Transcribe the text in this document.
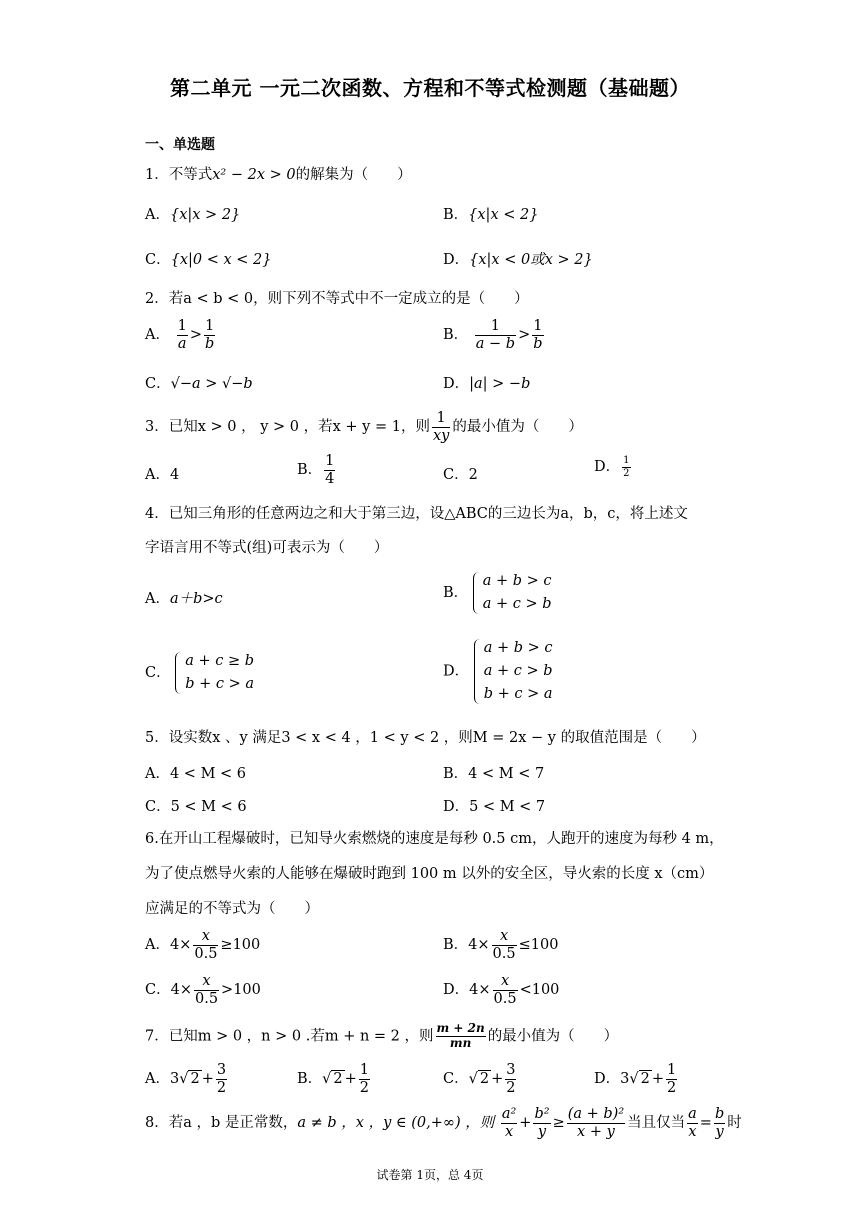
第二单元 一元二次函数、方程和不等式检测题（基础题）
一、单选题
1．不等式x² − 2x > 0的解集为（　　）
A．{x|x > 2}	B．{x|x < 2}
C．{x|0 < x < 2}	D．{x|x < 0或x > 2}
2．若a < b < 0，则下列不等式中不一定成立的是（　　）
A． $\frac{1}{a} > \frac{1}{b}$	B． $\frac{1}{a - b} > \frac{1}{b}$
C．√−a > √−b	D．|a| > −b
3．已知x > 0 ， y > 0 ，若x + y = 1，则 $\frac{1}{xy}$ 的最小值为（　　）
A．4	B． $\frac{1}{4}$	C．2	D． $\frac{1}{2}$
4．已知三角形的任意两边之和大于第三边，设△ABC的三边长为a，b，c，将上述文
字语言用不等式(组)可表示为（　　）
A．a＋b>c	B．
a + b > c
a + c > b
C．
a + c ≥ b
b + c > a
D．
a + b > c
a + c > b
b + c > a
5．设实数x 、y 满足3 < x < 4 ，1 < y < 2 ，则M = 2x − y 的取值范围是（　　）
A．4 < M < 6	B．4 < M < 7
C．5 < M < 6	D．5 < M < 7
6.在开山工程爆破时，已知导火索燃烧的速度是每秒 0.5 cm，人跑开的速度为每秒 4 m，
为了使点燃导火索的人能够在爆破时跑到 100 m 以外的安全区，导火索的长度 x（cm）
应满足的不等式为（　　）
A．$4\times \frac{x}{0.5} \ge 100$	B．$4\times \frac{x}{0.5} \le 100$
C．$4\times \frac{x}{0.5} >100$	D．$4\times \frac{x}{0.5} <100$
7．已知m > 0 ，n > 0 .若m + n = 2 ，则 $\frac{m + 2n}{mn}$ 的最小值为（　　）
A．3√ $2 + \frac{3}{2}$	B．√ $2 + \frac{1}{2}$	C．√ $2 + \frac{3}{2}$	D．3√ $2 + \frac{1}{2}$
8．若a ，b 是正常数，a ≠ b ，x ，y ∈ (0,+∞) ，则 $\frac{\text{a²}}{x} + \frac{\text{b²}}{y} \ge \frac{\text{(a + b)²}}{x + y}$ 当且仅当 $\frac{a}{x} = \frac{b}{y}$ 时
试卷第 1页，总 4页
